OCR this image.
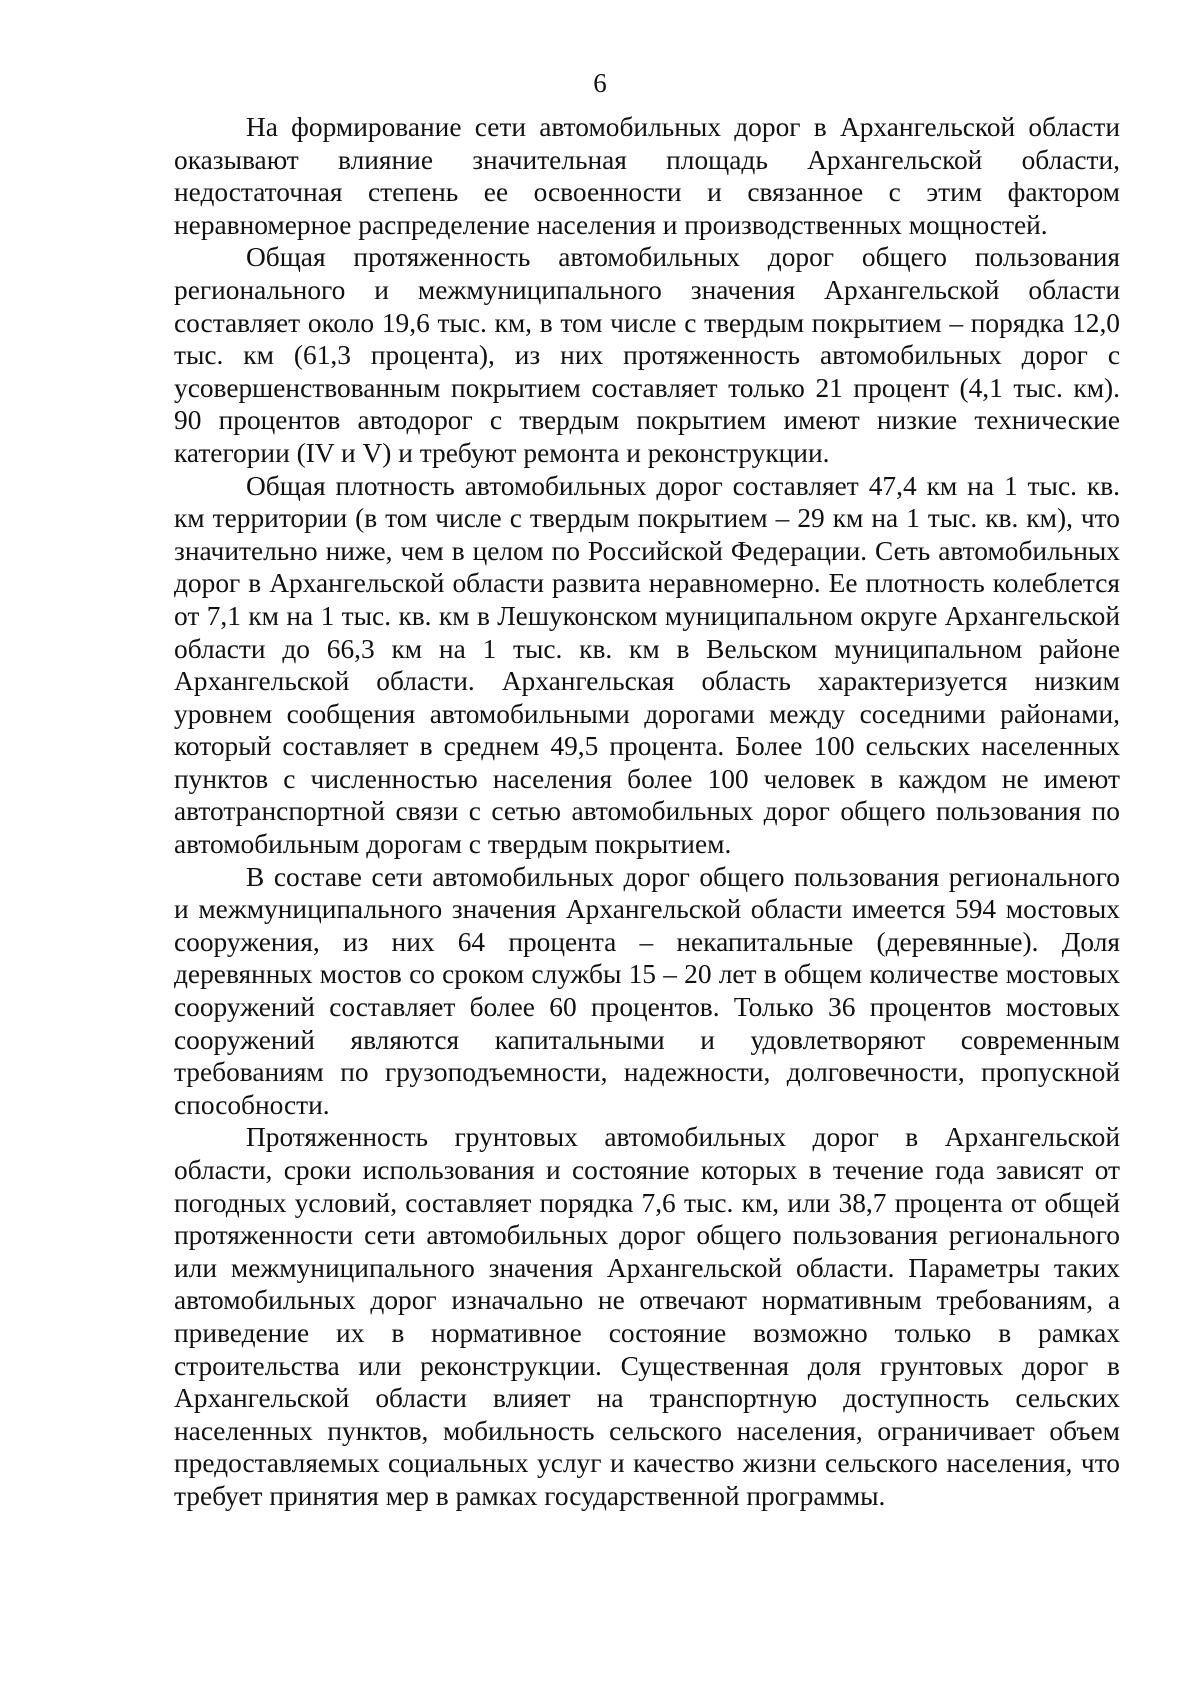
6

На формирование сети автомобильных дорог в Архангельской области оказывают влияние значительная площадь Архангельской области, недостаточная степень ее освоенности и связанное с этим фактором неравномерное распределение населения и производственных мощностей.

Общая протяженность автомобильных дорог общего пользования регионального и межмуниципального значения Архангельской области составляет около 19,6 тыс. км, в том числе с твердым покрытием – порядка 12,0 тыс. км (61,3 процента), из них протяженность автомобильных дорог с усовершенствованным покрытием составляет только 21 процент (4,1 тыс. км). 90 процентов автодорог с твердым покрытием имеют низкие технические категории (IV и V) и требуют ремонта и реконструкции.

Общая плотность автомобильных дорог составляет 47,4 км на 1 тыс. кв. км территории (в том числе с твердым покрытием – 29 км на 1 тыс. кв. км), что значительно ниже, чем в целом по Российской Федерации. Сеть автомобильных дорог в Архангельской области развита неравномерно. Ее плотность колеблется от 7,1 км на 1 тыс. кв. км в Лешуконском муниципальном округе Архангельской области до 66,3 км на 1 тыс. кв. км в Вельском муниципальном районе Архангельской области. Архангельская область характеризуется низким уровнем сообщения автомобильными дорогами между соседними районами, который составляет в среднем 49,5 процента. Более 100 сельских населенных пунктов с численностью населения более 100 человек в каждом не имеют автотранспортной связи с сетью автомобильных дорог общего пользования по автомобильным дорогам с твердым покрытием.

В составе сети автомобильных дорог общего пользования регионального и межмуниципального значения Архангельской области имеется 594 мостовых сооружения, из них 64 процента – некапитальные (деревянные). Доля деревянных мостов со сроком службы 15 – 20 лет в общем количестве мостовых сооружений составляет более 60 процентов. Только 36 процентов мостовых сооружений являются капитальными и удовлетворяют современным требованиям по грузоподъемности, надежности, долговечности, пропускной способности.

Протяженность грунтовых автомобильных дорог в Архангельской области, сроки использования и состояние которых в течение года зависят от погодных условий, составляет порядка 7,6 тыс. км, или 38,7 процента от общей протяженности сети автомобильных дорог общего пользования регионального или межмуниципального значения Архангельской области. Параметры таких автомобильных дорог изначально не отвечают нормативным требованиям, а приведение их в нормативное состояние возможно только в рамках строительства или реконструкции. Существенная доля грунтовых дорог в Архангельской области влияет на транспортную доступность сельских населенных пунктов, мобильность сельского населения, ограничивает объем предоставляемых социальных услуг и качество жизни сельского населения, что требует принятия мер в рамках государственной программы.
